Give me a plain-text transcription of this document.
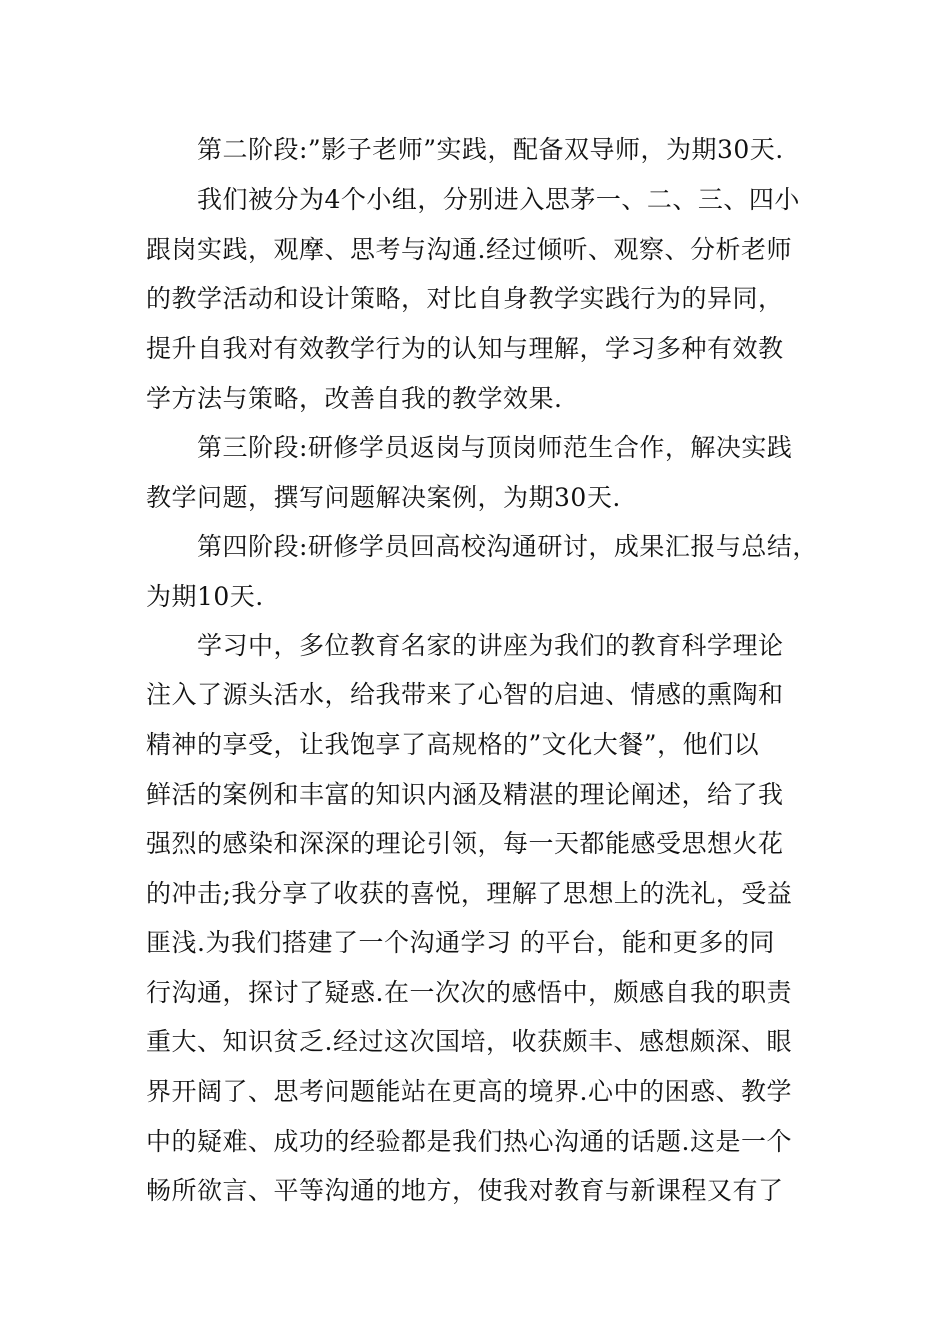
第二阶段:”影子老师”实践，配备双导师，为期30天.
我们被分为4个小组，分别进入思茅一、二、三、四小
跟岗实践，观摩、思考与沟通.经过倾听、观察、分析老师
的教学活动和设计策略，对比自身教学实践行为的异同，
提升自我对有效教学行为的认知与理解，学习多种有效教
学方法与策略，改善自我的教学效果.
第三阶段:研修学员返岗与顶岗师范生合作，解决实践
教学问题，撰写问题解决案例，为期30天.
第四阶段:研修学员回高校沟通研讨，成果汇报与总结，
为期10天.
学习中，多位教育名家的讲座为我们的教育科学理论
注入了源头活水，给我带来了心智的启迪、情感的熏陶和
精神的享受，让我饱享了高规格的”文化大餐”，他们以
鲜活的案例和丰富的知识内涵及精湛的理论阐述，给了我
强烈的感染和深深的理论引领，每一天都能感受思想火花
的冲击;我分享了收获的喜悦，理解了思想上的洗礼，受益
匪浅.为我们搭建了一个沟通学习 的平台，能和更多的同
行沟通，探讨了疑惑.在一次次的感悟中，颇感自我的职责
重大、知识贫乏.经过这次国培，收获颇丰、感想颇深、眼
界开阔了、思考问题能站在更高的境界.心中的困惑、教学
中的疑难、成功的经验都是我们热心沟通的话题.这是一个
畅所欲言、平等沟通的地方，使我对教育与新课程又有了
